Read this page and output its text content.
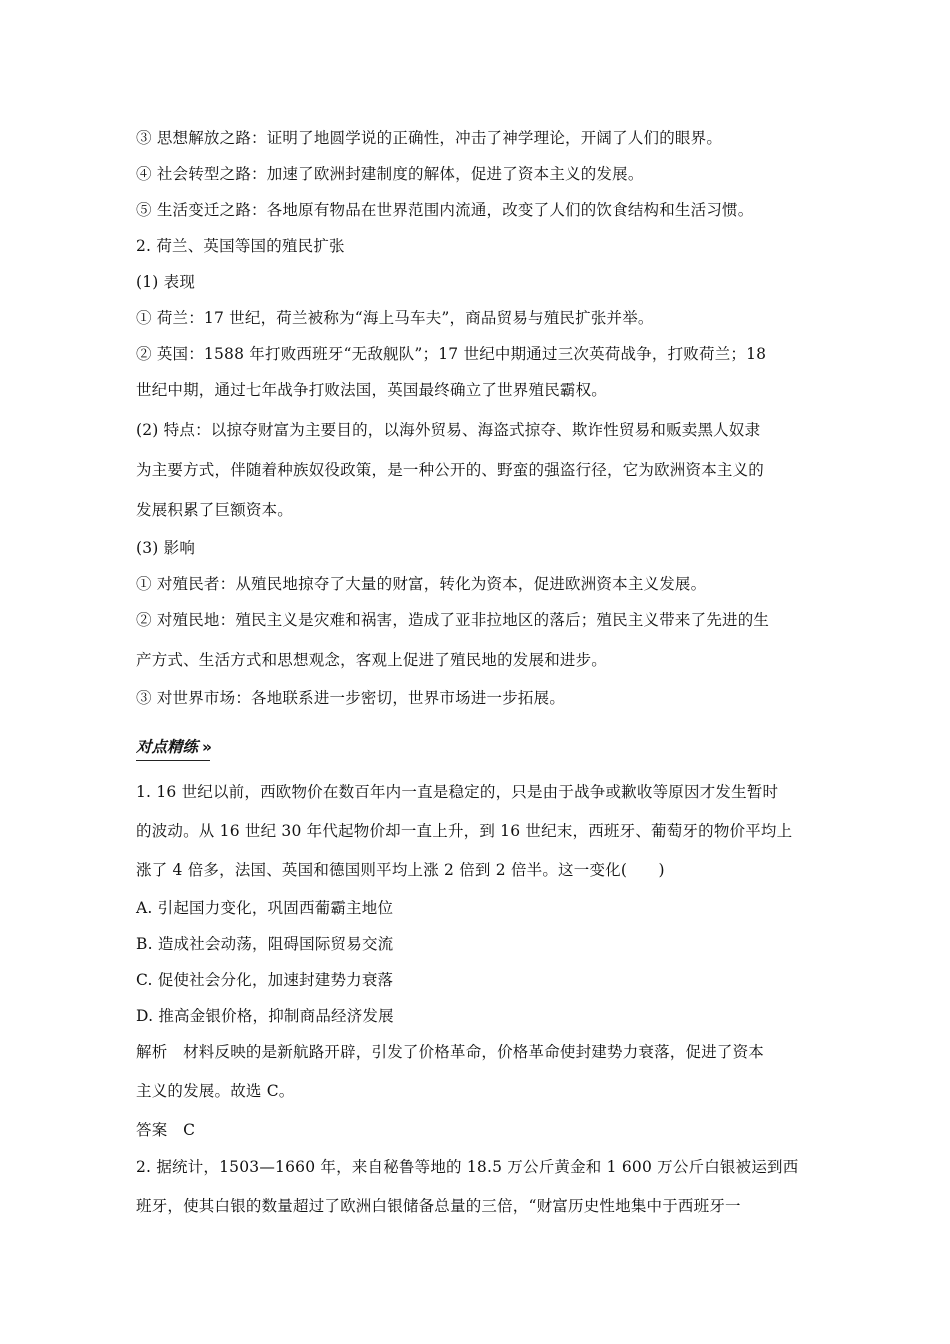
③ 思想解放之路：证明了地圆学说的正确性，冲击了神学理论，开阔了人们的眼界。
④ 社会转型之路：加速了欧洲封建制度的解体，促进了资本主义的发展。
⑤ 生活变迁之路：各地原有物品在世界范围内流通，改变了人们的饮食结构和生活习惯。
2. 荷兰、英国等国的殖民扩张
(1) 表现
① 荷兰：17 世纪，荷兰被称为“海上马车夫”，商品贸易与殖民扩张并举。
② 英国：1588 年打败西班牙“无敌舰队”；17 世纪中期通过三次英荷战争，打败荷兰；18
世纪中期，通过七年战争打败法国，英国最终确立了世界殖民霸权。
(2) 特点：以掠夺财富为主要目的，以海外贸易、海盗式掠夺、欺诈性贸易和贩卖黑人奴隶
为主要方式，伴随着种族奴役政策，是一种公开的、野蛮的强盗行径，它为欧洲资本主义的
发展积累了巨额资本。
(3) 影响
① 对殖民者：从殖民地掠夺了大量的财富，转化为资本，促进欧洲资本主义发展。
② 对殖民地：殖民主义是灾难和祸害，造成了亚非拉地区的落后；殖民主义带来了先进的生
产方式、生活方式和思想观念，客观上促进了殖民地的发展和进步。
③ 对世界市场：各地联系进一步密切，世界市场进一步拓展。
对点精练 »
1. 16 世纪以前，西欧物价在数百年内一直是稳定的，只是由于战争或歉收等原因才发生暂时
的波动。从 16 世纪 30 年代起物价却一直上升，到 16 世纪末，西班牙、葡萄牙的物价平均上
涨了 4 倍多，法国、英国和德国则平均上涨 2 倍到 2 倍半。这一变化(　　)
A. 引起国力变化，巩固西葡霸主地位
B. 造成社会动荡，阻碍国际贸易交流
C. 促使社会分化，加速封建势力衰落
D. 推高金银价格，抑制商品经济发展
解析　材料反映的是新航路开辟，引发了价格革命，价格革命使封建势力衰落，促进了资本
主义的发展。故选 C。
答案　C
2. 据统计，1503—1660 年，来自秘鲁等地的 18.5 万公斤黄金和 1 600 万公斤白银被运到西
班牙，使其白银的数量超过了欧洲白银储备总量的三倍，“财富历史性地集中于西班牙一
